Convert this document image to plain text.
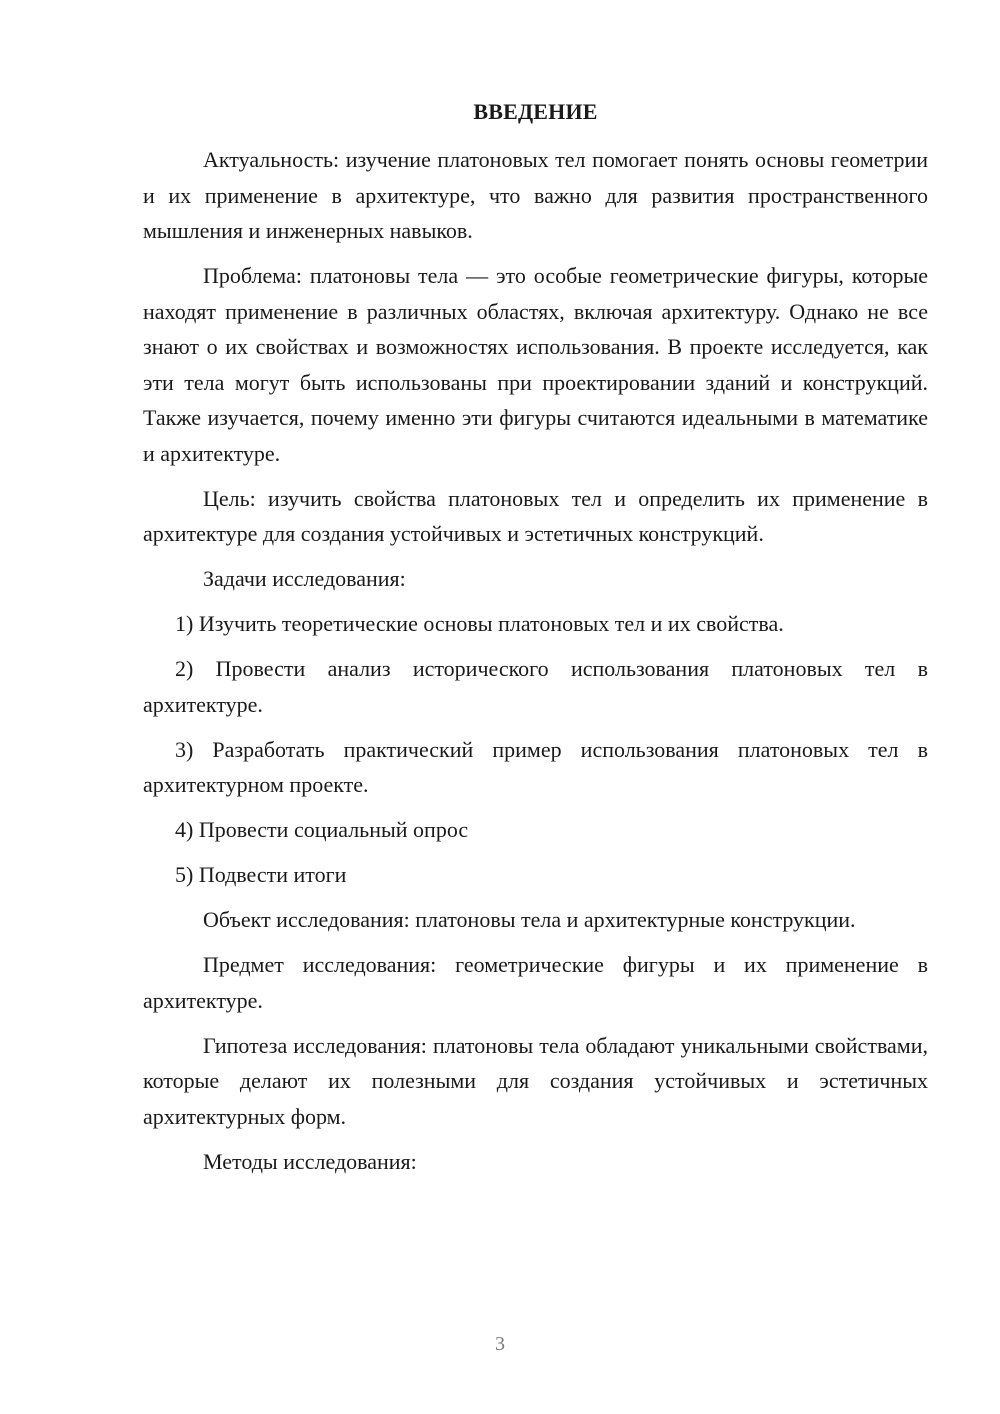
ВВЕДЕНИЕ

Актуальность: изучение платоновых тел помогает понять основы геометрии и их применение в архитектуре, что важно для развития пространственного мышления и инженерных навыков.

Проблема: платоновы тела — это особые геометрические фигуры, которые находят применение в различных областях, включая архитектуру. Однако не все знают о их свойствах и возможностях использования. В проекте исследуется, как эти тела могут быть использованы при проектировании зданий и конструкций. Также изучается, почему именно эти фигуры считаются идеальными в математике и архитектуре.

Цель: изучить свойства платоновых тел и определить их применение в архитектуре для создания устойчивых и эстетичных конструкций.

Задачи исследования:

1) Изучить теоретические основы платоновых тел и их свойства.

2) Провести анализ исторического использования платоновых тел в архитектуре.

3) Разработать практический пример использования платоновых тел в архитектурном проекте.

4) Провести социальный опрос

5) Подвести итоги

Объект исследования: платоновы тела и архитектурные конструкции.

Предмет исследования: геометрические фигуры и их применение в архитектуре.

Гипотеза исследования: платоновы тела обладают уникальными свойствами, которые делают их полезными для создания устойчивых и эстетичных архитектурных форм.

Методы исследования:

3
